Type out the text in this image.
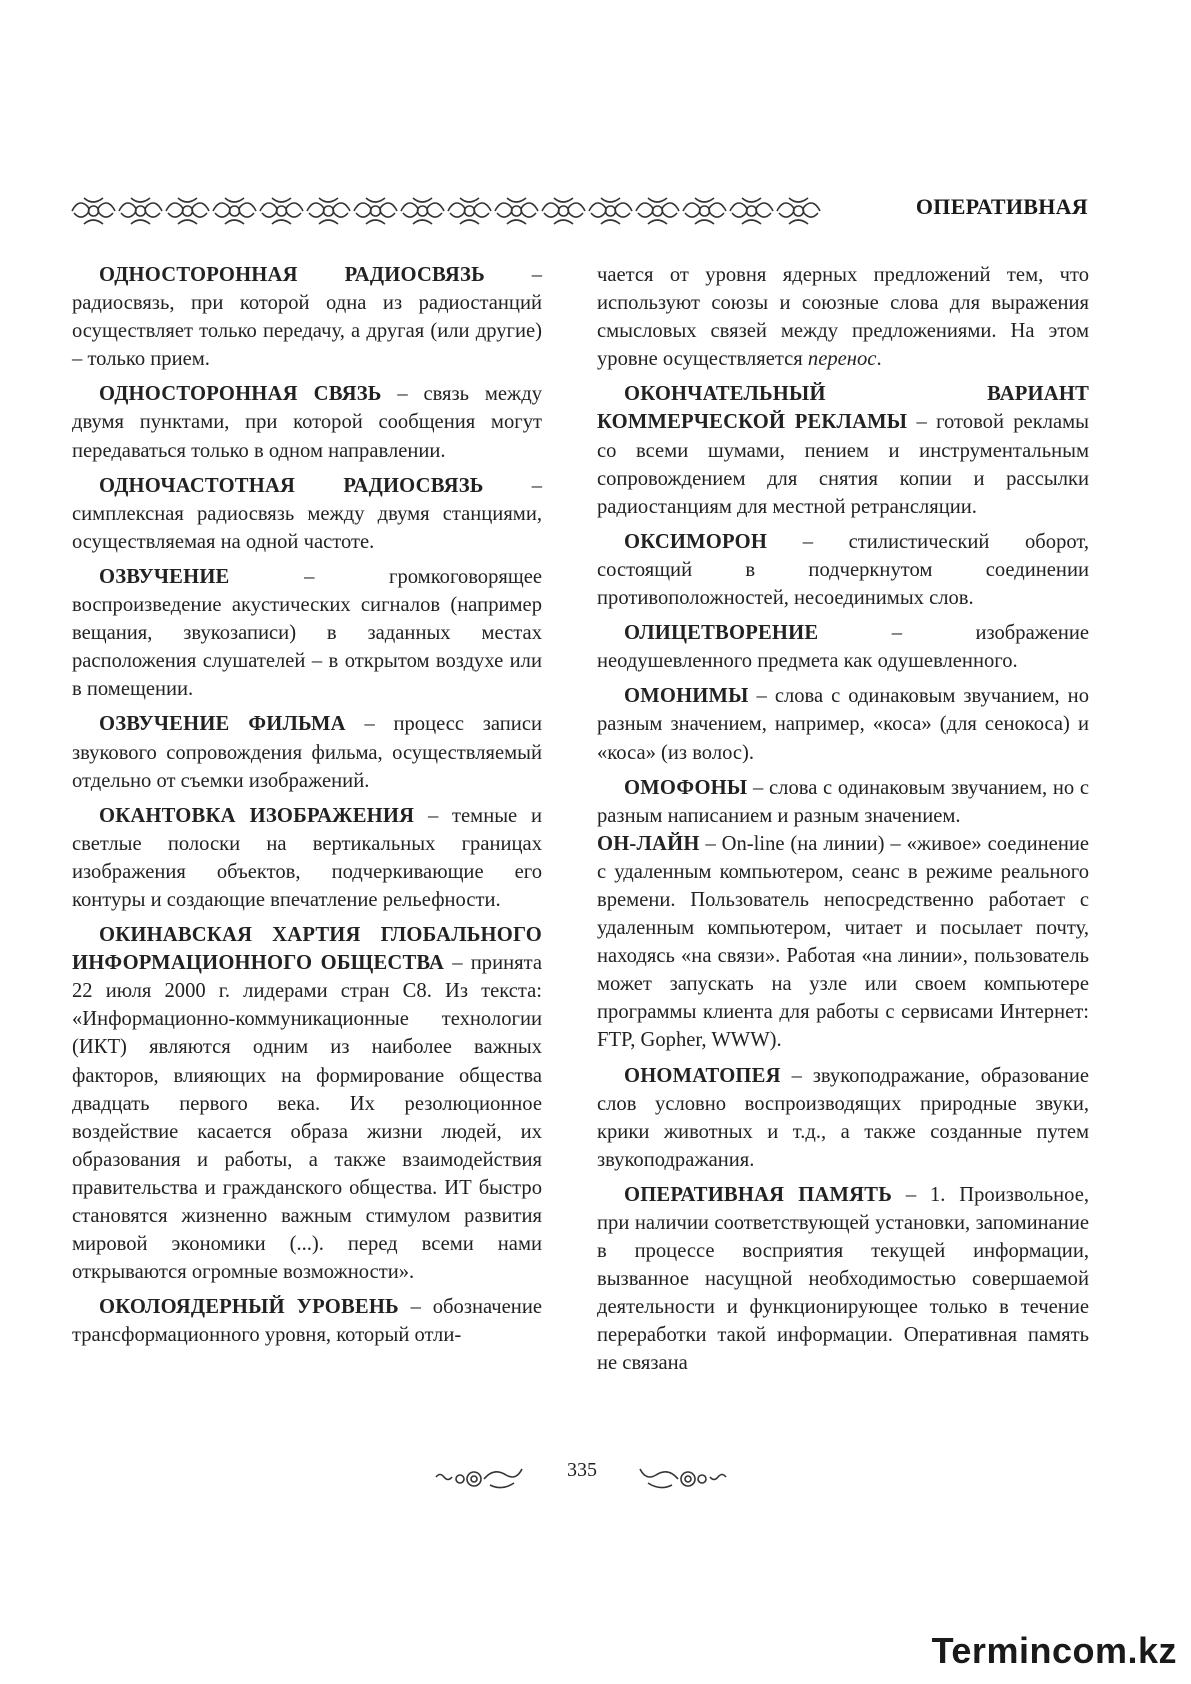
ОПЕРАТИВНАЯ

ОДНОСТОРОННАЯ РАДИОСВЯЗЬ – радиосвязь, при которой одна из радиостанций осуществляет только передачу, а другая (или другие) – только прием.

ОДНОСТОРОННАЯ СВЯЗЬ – связь между двумя пунктами, при которой сообщения могут передаваться только в одном направлении.

ОДНОЧАСТОТНАЯ РАДИОСВЯЗЬ – симплексная радиосвязь между двумя станциями, осуществляемая на одной частоте.

ОЗВУЧЕНИЕ – громкоговорящее воспроизведение акустических сигналов (например вещания, звукозаписи) в заданных местах расположения слушателей – в открытом воздухе или в помещении.

ОЗВУЧЕНИЕ ФИЛЬМА – процесс записи звукового сопровождения фильма, осуществляемый отдельно от съемки изображений.

ОКАНТОВКА ИЗОБРАЖЕНИЯ – темные и светлые полоски на вертикальных границах изображения объектов, подчеркивающие его контуры и создающие впечатление рельефности.

ОКИНАВСКАЯ ХАРТИЯ ГЛОБАЛЬНОГО ИНФОРМАЦИОННОГО ОБЩЕСТВА – принята 22 июля 2000 г. лидерами стран С8. Из текста: «Информационно-коммуникационные технологии (ИКТ) являются одним из наиболее важных факторов, влияющих на формирование общества двадцать первого века. Их резолюционное воздействие касается образа жизни людей, их образования и работы, а также взаимодействия правительства и гражданского общества. ИТ быстро становятся жизненно важным стимулом развития мировой экономики (...). перед всеми нами открываются огромные возможности».

ОКОЛОЯДЕРНЫЙ УРОВЕНЬ – обозначение трансформационного уровня, который отли-

чается от уровня ядерных предложений тем, что используют союзы и союзные слова для выражения смысловых связей между предложениями. На этом уровне осуществляется перенос.

ОКОНЧАТЕЛЬНЫЙ ВАРИАНТ КОММЕРЧЕСКОЙ РЕКЛАМЫ – готовой рекламы со всеми шумами, пением и инструментальным сопровождением для снятия копии и рассылки радиостанциям для местной ретрансляции.

ОКСИМОРОН – стилистический оборот, состоящий в подчеркнутом соединении противоположностей, несоединимых слов.

ОЛИЦЕТВОРЕНИЕ – изображение неодушевленного предмета как одушевленного.

ОМОНИМЫ – слова с одинаковым звучанием, но разным значением, например, «коса» (для сенокоса) и «коса» (из волос).

ОМОФОНЫ – слова с одинаковым звучанием, но с разным написанием и разным значением.

ОН-ЛАЙН – On-line (на линии) – «живое» соединение с удаленным компьютером, сеанс в режиме реального времени. Пользователь непосредственно работает с удаленным компьютером, читает и посылает почту, находясь «на связи». Работая «на линии», пользователь может запускать на узле или своем компьютере программы клиента для работы с сервисами Интернет: FTP, Gopher, WWW).

ОНОМАТОПЕЯ – звукоподражание, образование слов условно воспроизводящих природные звуки, крики животных и т.д., а также созданные путем звукоподражания.

ОПЕРАТИВНАЯ ПАМЯТЬ – 1. Произвольное, при наличии соответствующей установки, запоминание в процессе восприятия текущей информации, вызванное насущной необходимостью совершаемой деятельности и функционирующее только в течение переработки такой информации. Оперативная память не связана

335
Termincom.kz
